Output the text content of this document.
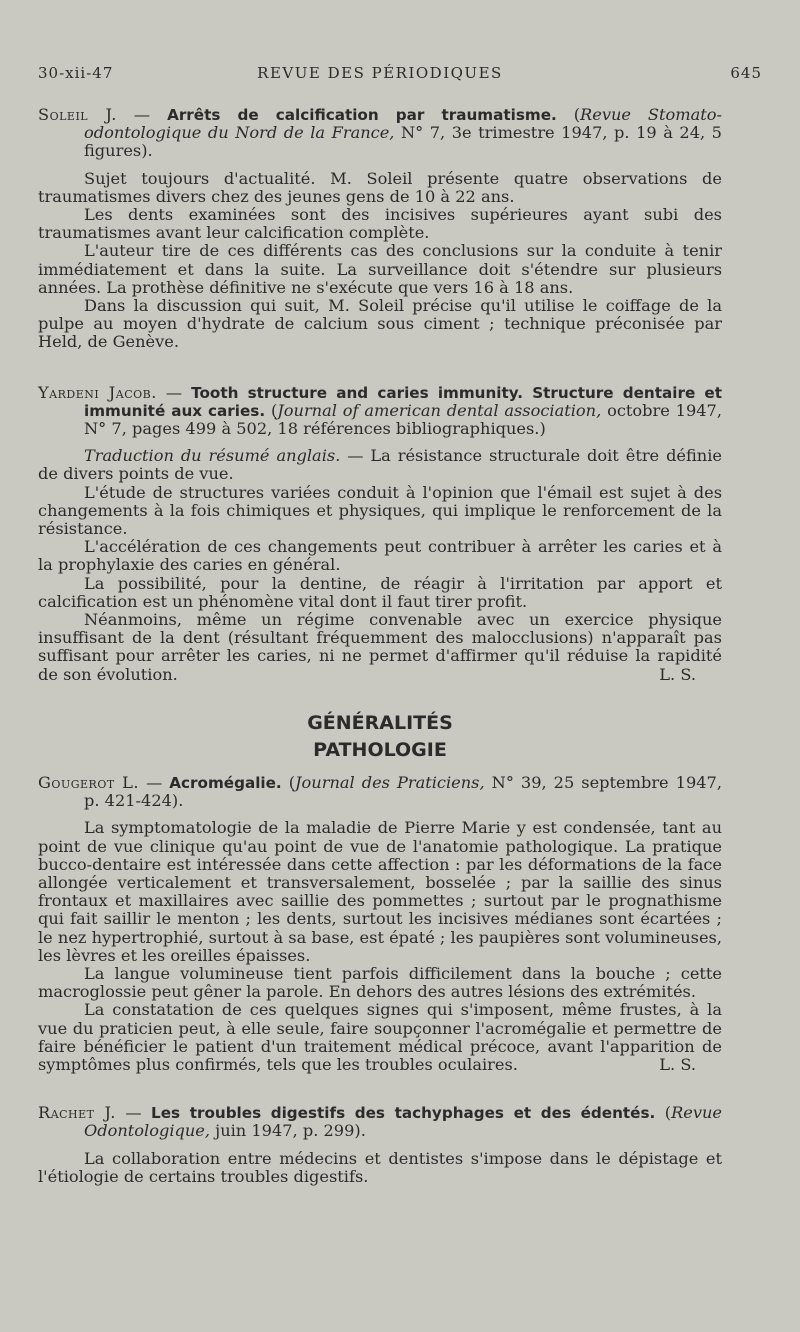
30-xii-47	REVUE DES PÉRIODIQUES	645

Soleil J. — Arrêts de calcification par traumatisme. (Revue Stomato-odontologique du Nord de la France, N° 7, 3e trimestre 1947, p. 19 à 24, 5 figures).

Sujet toujours d'actualité. M. Soleil présente quatre observations de traumatismes divers chez des jeunes gens de 10 à 22 ans.

Les dents examinées sont des incisives supérieures ayant subi des traumatismes avant leur calcification complète.

L'auteur tire de ces différents cas des conclusions sur la conduite à tenir immédiatement et dans la suite. La surveillance doit s'étendre sur plusieurs années. La prothèse définitive ne s'exécute que vers 16 à 18 ans.

Dans la discussion qui suit, M. Soleil précise qu'il utilise le coiffage de la pulpe au moyen d'hydrate de calcium sous ciment ; technique préconisée par Held, de Genève.

Yardeni Jacob. — Tooth structure and caries immunity. Structure dentaire et immunité aux caries. (Journal of american dental association, octobre 1947, N° 7, pages 499 à 502, 18 références bibliographiques.)

Traduction du résumé anglais. — La résistance structurale doit être définie de divers points de vue.

L'étude de structures variées conduit à l'opinion que l'émail est sujet à des changements à la fois chimiques et physiques, qui implique le renforcement de la résistance.

L'accélération de ces changements peut contribuer à arrêter les caries et à la prophylaxie des caries en général.

La possibilité, pour la dentine, de réagir à l'irritation par apport et calcification est un phénomène vital dont il faut tirer profit.

Néanmoins, même un régime convenable avec un exercice physique insuffisant de la dent (résultant fréquemment des malocclusions) n'apparaît pas suffisant pour arrêter les caries, ni ne permet d'affirmer qu'il réduise la rapidité de son évolution.	L. S.

GÉNÉRALITÉS

PATHOLOGIE

Gougerot L. — Acromégalie. (Journal des Praticiens, N° 39, 25 septembre 1947, p. 421-424).

La symptomatologie de la maladie de Pierre Marie y est condensée, tant au point de vue clinique qu'au point de vue de l'anatomie pathologique. La pratique bucco-dentaire est intéressée dans cette affection : par les déformations de la face allongée verticalement et transversalement, bosselée ; par la saillie des sinus frontaux et maxillaires avec saillie des pommettes ; surtout par le prognathisme qui fait saillir le menton ; les dents, surtout les incisives médianes sont écartées ; le nez hypertrophié, surtout à sa base, est épaté ; les paupières sont volumineuses, les lèvres et les oreilles épaisses.

La langue volumineuse tient parfois difficilement dans la bouche ; cette macroglossie peut gêner la parole. En dehors des autres lésions des extrémités.

La constatation de ces quelques signes qui s'imposent, même frustes, à la vue du praticien peut, à elle seule, faire soupçonner l'acromégalie et permettre de faire bénéficier le patient d'un traitement médical précoce, avant l'apparition de symptômes plus confirmés, tels que les troubles oculaires.	L. S.

Rachet J. — Les troubles digestifs des tachyphages et des édentés. (Revue Odontologique, juin 1947, p. 299).

La collaboration entre médecins et dentistes s'impose dans le dépistage et l'étiologie de certains troubles digestifs.
